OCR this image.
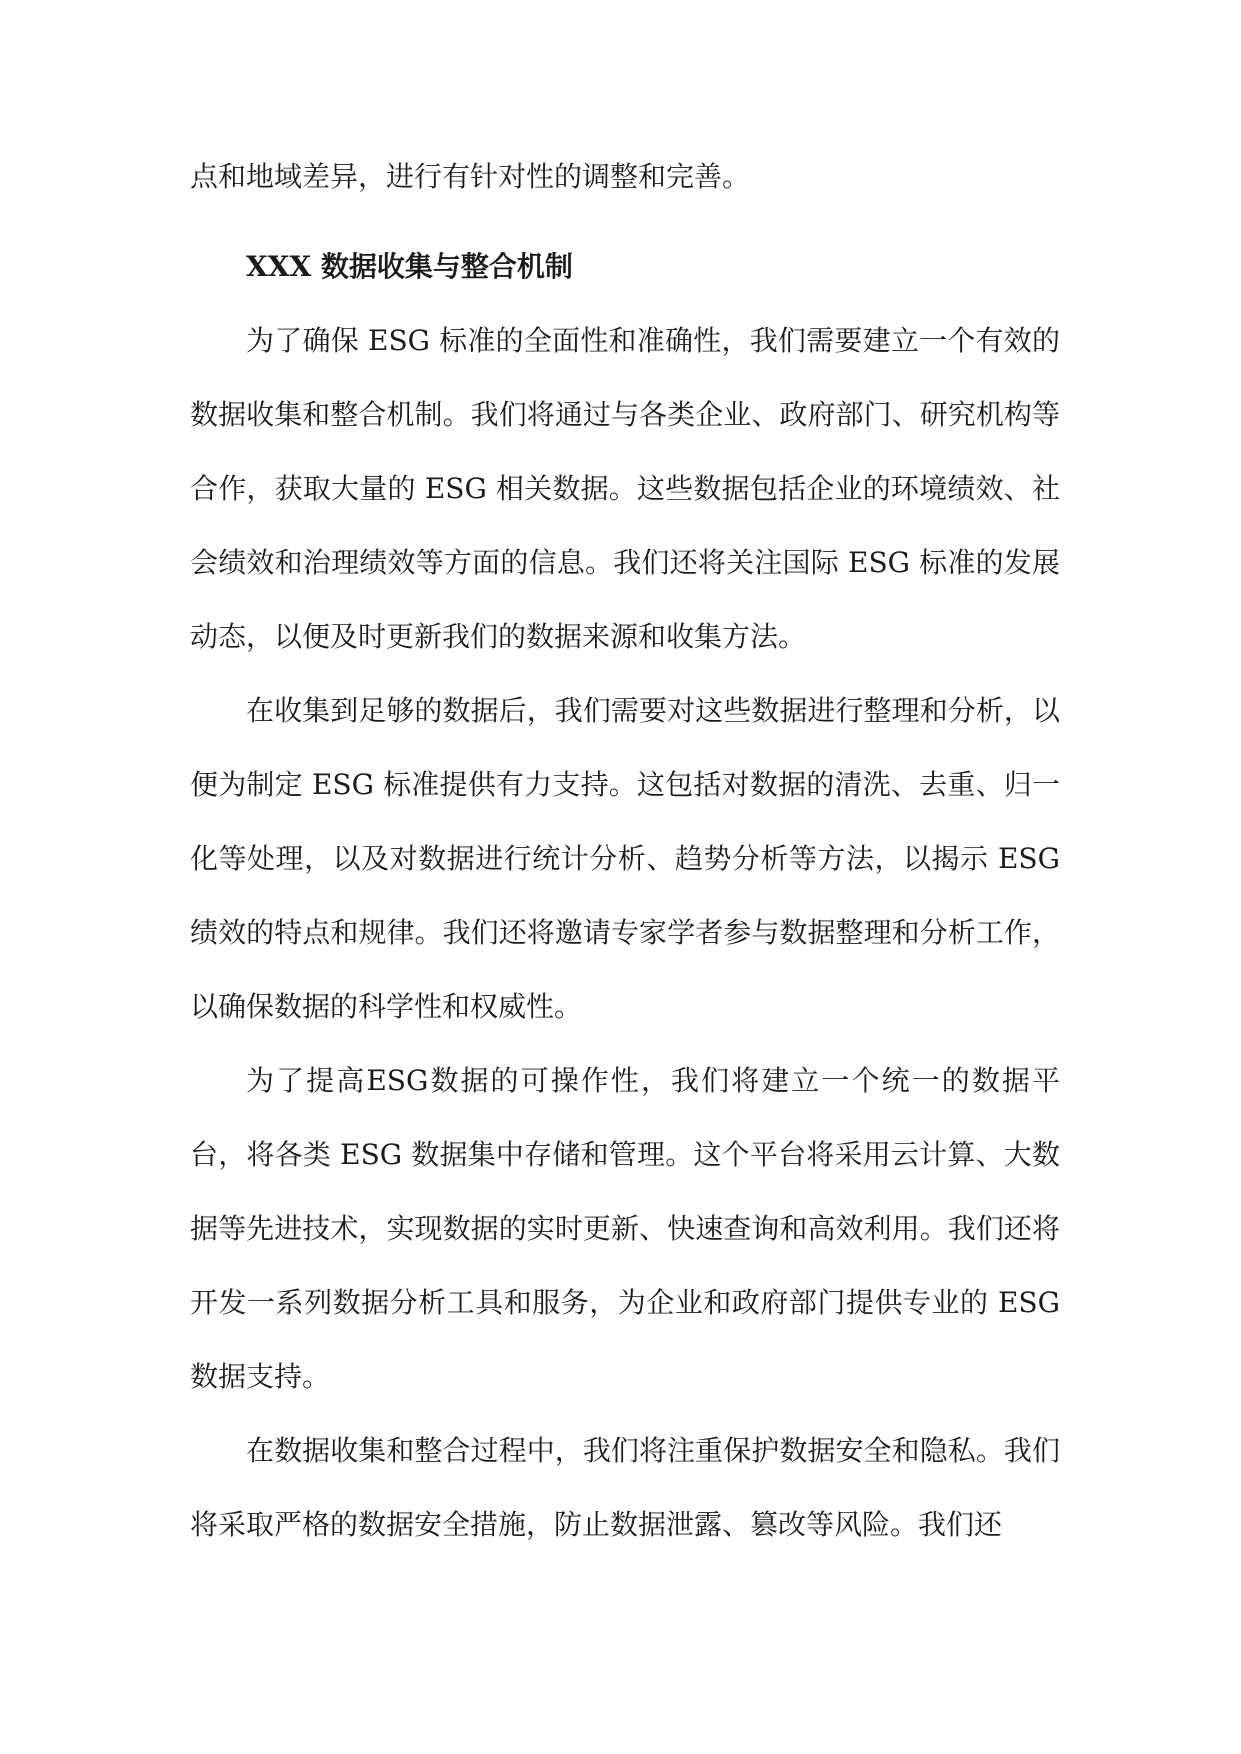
点和地域差异，进行有针对性的调整和完善。

XXX 数据收集与整合机制

为了确保 ESG 标准的全面性和准确性，我们需要建立一个有效的数据收集和整合机制。我们将通过与各类企业、政府部门、研究机构等合作，获取大量的 ESG 相关数据。这些数据包括企业的环境绩效、社会绩效和治理绩效等方面的信息。我们还将关注国际 ESG 标准的发展动态，以便及时更新我们的数据来源和收集方法。

在收集到足够的数据后，我们需要对这些数据进行整理和分析，以便为制定 ESG 标准提供有力支持。这包括对数据的清洗、去重、归一化等处理，以及对数据进行统计分析、趋势分析等方法，以揭示 ESG 绩效的特点和规律。我们还将邀请专家学者参与数据整理和分析工作，以确保数据的科学性和权威性。

为了提高ESG数据的可操作性，我们将建立一个统一的数据平台，将各类 ESG 数据集中存储和管理。这个平台将采用云计算、大数据等先进技术，实现数据的实时更新、快速查询和高效利用。我们还将开发一系列数据分析工具和服务，为企业和政府部门提供专业的 ESG 数据支持。

在数据收集和整合过程中，我们将注重保护数据安全和隐私。我们将采取严格的数据安全措施，防止数据泄露、篡改等风险。我们还
